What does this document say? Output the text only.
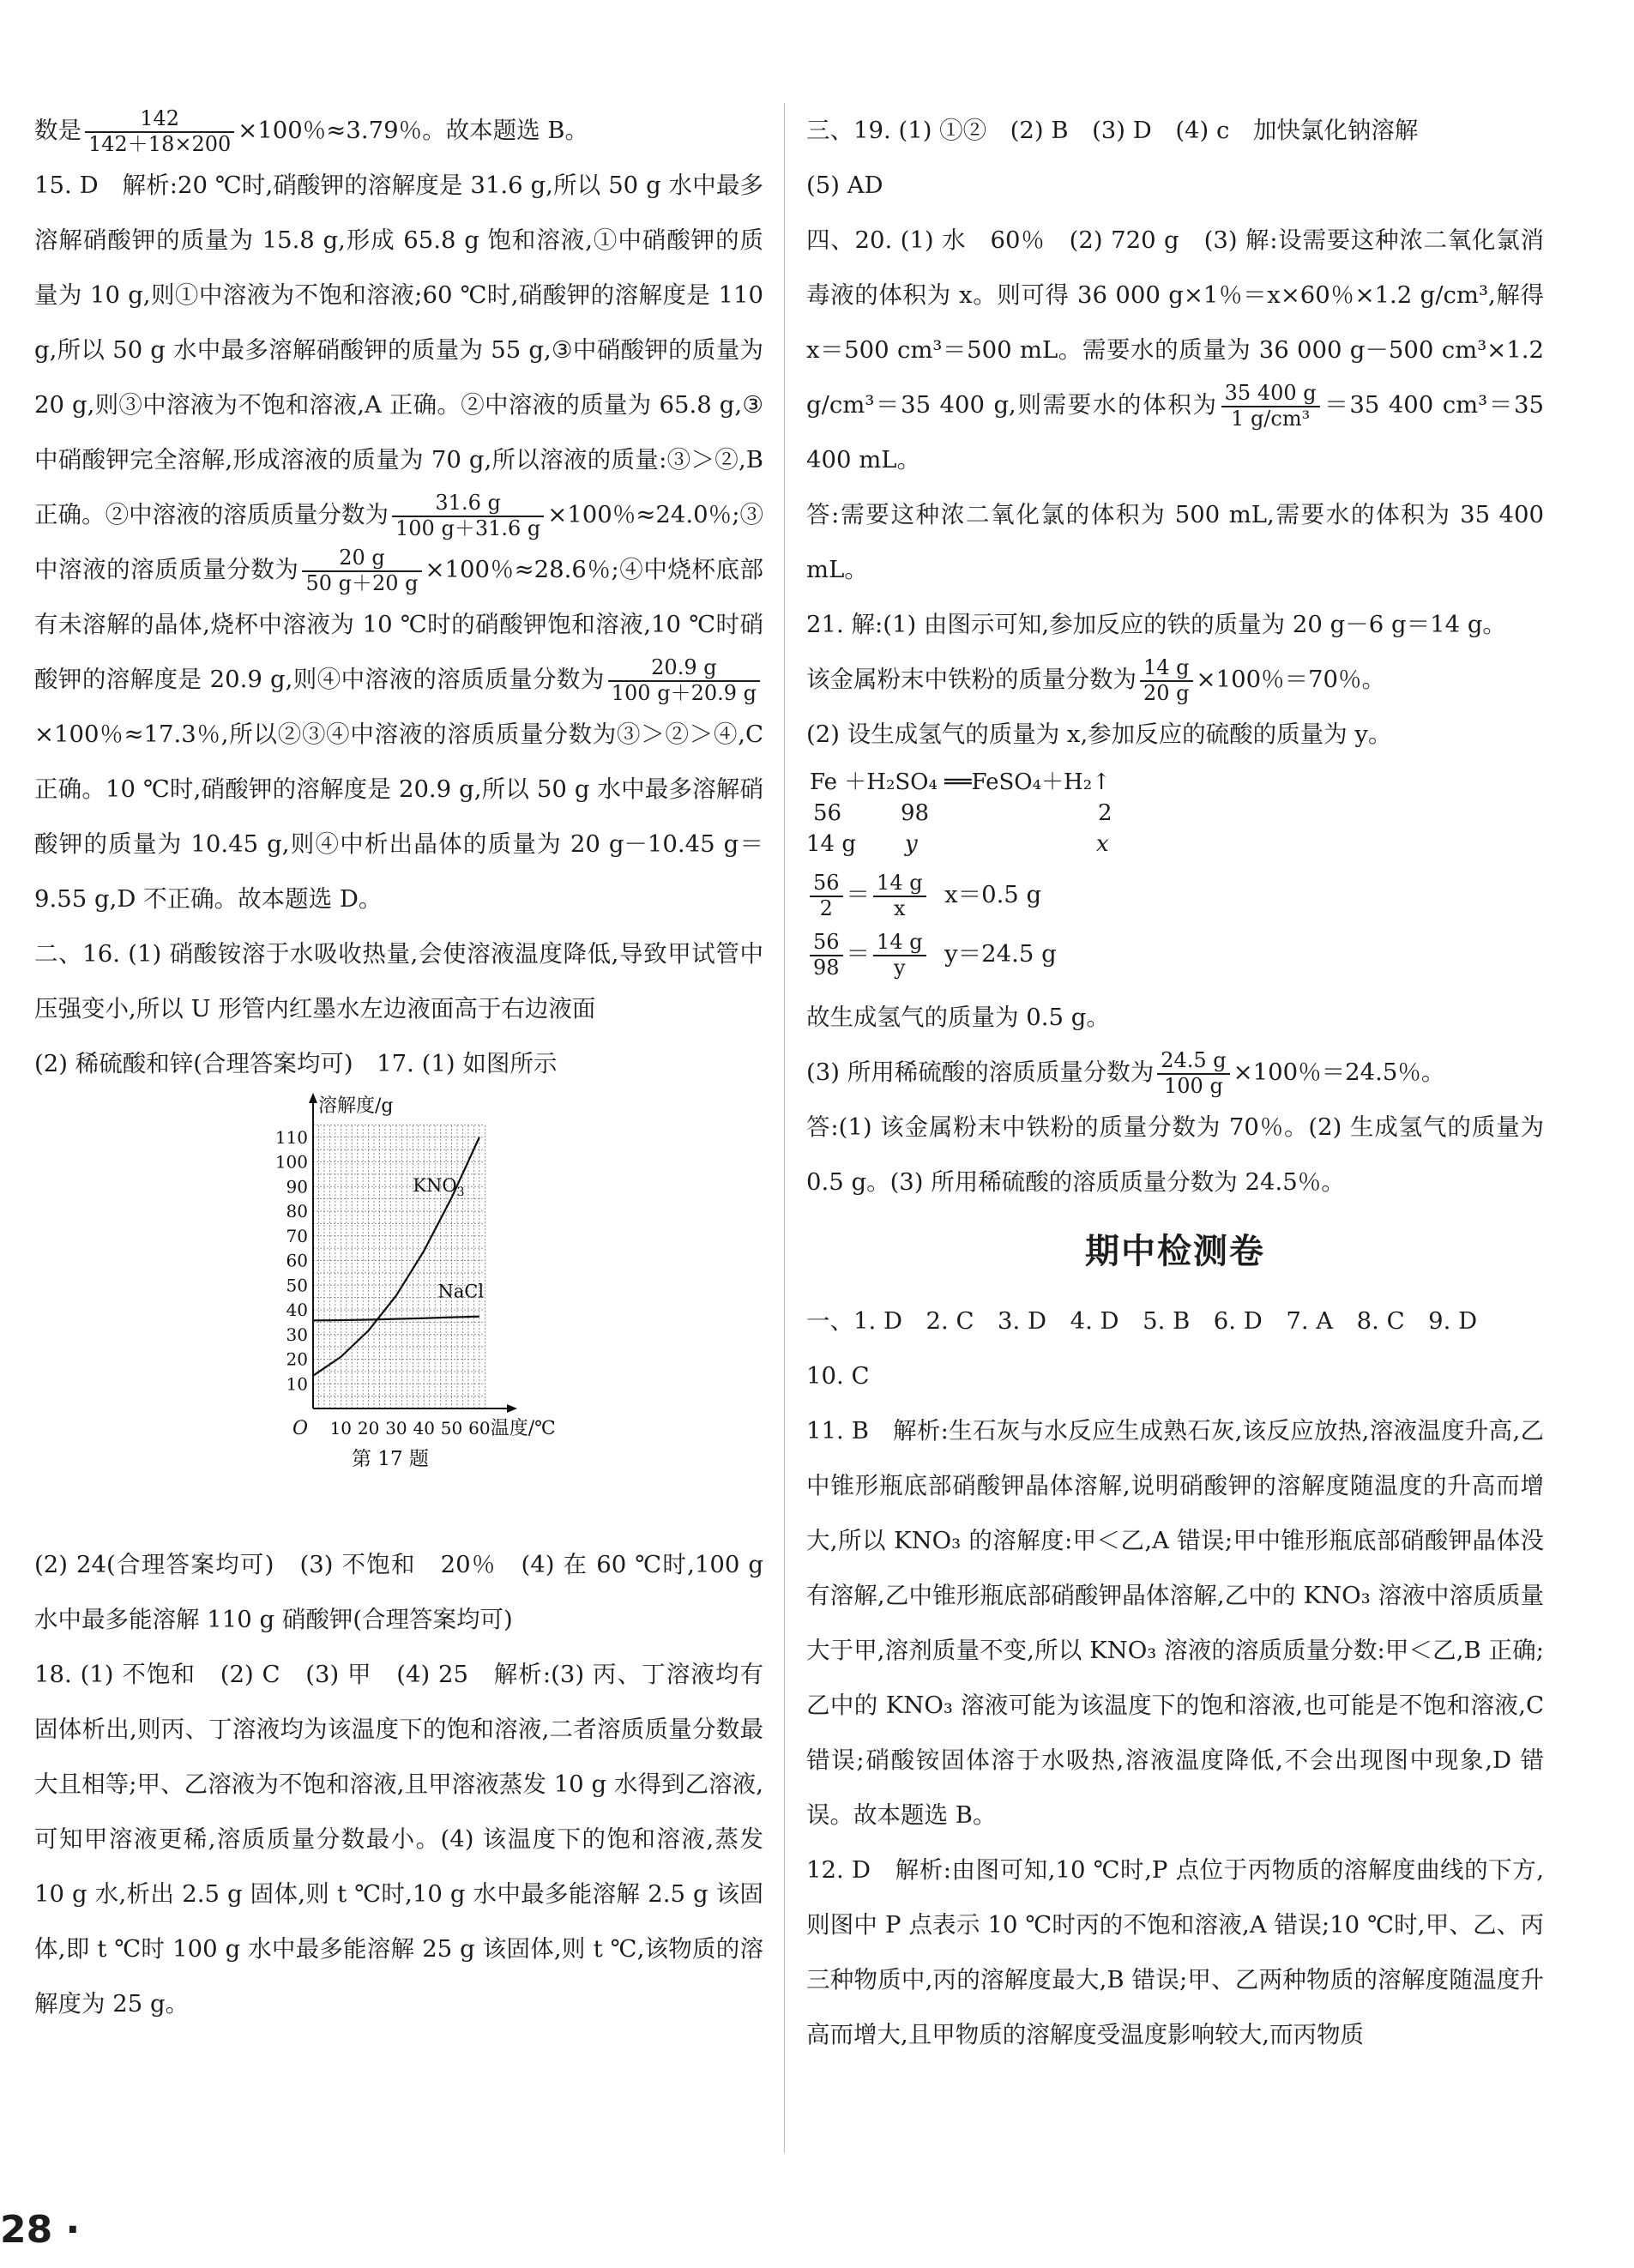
数是 $\frac{142}{142+18\times 200} \times 100$％≈3.79％。故本题选 B。

15. D　解析:20 ℃时,硝酸钾的溶解度是 31.6 g,所以 50 g 水中最多溶解硝酸钾的质量为 15.8 g,形成 65.8 g 饱和溶液,①中硝酸钾的质量为 10 g,则①中溶液为不饱和溶液;60 ℃时,硝酸钾的溶解度是 110 g,所以 50 g 水中最多溶解硝酸钾的质量为 55 g,③中硝酸钾的质量为 20 g,则③中溶液为不饱和溶液,A 正确。②中溶液的质量为 65.8 g,③中硝酸钾完全溶解,形成溶液的质量为 70 g,所以溶液的质量:③＞②,B 正确。②中溶液的溶质质量分数为 $\frac{31.6 g}{100 g+31.6 g} \times 100$％≈24.0％;③中溶液的溶质质量分数为 $\frac{20 g}{50 g+20 g} \times 100$％≈28.6％;④中烧杯底部有未溶解的晶体,烧杯中溶液为 10 ℃时的硝酸钾饱和溶液,10 ℃时硝酸钾的溶解度是 20.9 g,则④中溶液的溶质质量分数为 $\frac{20.9 g}{100 g+20.9 g}$
×100％≈17.3％,所以②③④中溶液的溶质质量分数为③＞②＞④,C 正确。10 ℃时,硝酸钾的溶解度是 20.9 g,所以 50 g 水中最多溶解硝酸钾的质量为 10.45 g,则④中析出晶体的质量为 20 g－10.45 g＝9.55 g,D 不正确。故本题选 D。

二、16. (1) 硝酸铵溶于水吸收热量,会使溶液温度降低,导致甲试管中压强变小,所以 U 形管内红墨水左边液面高于右边液面

(2) 稀硫酸和锌(合理答案均可)　17. (1) 如图所示

溶解度/g
O 10 20 30 40 50 60 温度/℃
10
20
30
40
50
60
70
80
90
100
110
$KNO_3$
NaCl
第 17 题

(2) 24(合理答案均可)　(3) 不饱和　20％　(4) 在 60 ℃时,100 g 水中最多能溶解 110 g 硝酸钾(合理答案均可)

18. (1) 不饱和　(2) C　(3) 甲　(4) 25　解析:(3) 丙、丁溶液均有固体析出,则丙、丁溶液均为该温度下的饱和溶液,二者溶质质量分数最大且相等;甲、乙溶液为不饱和溶液,且甲溶液蒸发 10 g 水得到乙溶液,可知甲溶液更稀,溶质质量分数最小。(4) 该温度下的饱和溶液,蒸发 10 g 水,析出 2.5 g 固体,则 t ℃时,10 g 水中最多能溶解 2.5 g 该固体,即 t ℃时 100 g 水中最多能溶解 25 g 该固体,则 t ℃,该物质的溶解度为 25 g。

三、19. (1) ①②　(2) B　(3) D　(4) c　加快氯化钠溶解

(5) AD

四、20. (1) 水　60％　(2) 720 g　(3) 解:设需要这种浓二氧化氯消毒液的体积为 x。则可得 36 000 g×1％＝x×60％×1.2 g/cm³,解得 x＝500 cm³＝500 mL。需要水的质量为 36 000 g－500 cm³×1.2 g/cm³＝35 400 g,则需要水的体积为 $\frac{35 400 g}{\text{1 g/cm³}} =35$ 400 cm³＝35 400 mL。

答:需要这种浓二氧化氯的体积为 500 mL,需要水的体积为 35 400 mL。

21. 解:(1) 由图示可知,参加反应的铁的质量为 20 g－6 g＝14 g。

该金属粉末中铁粉的质量分数为 $\frac{14 g}{20 g} \times 100$％＝70％。

(2) 设生成氢气的质量为 x,参加反应的硫酸的质量为 y。

Fe ＋H₂SO₄ ══FeSO₄＋H₂↑
56	98	2
14 g y	x

$\frac{56}{2} = \frac{14 g}{x} x=0.5$ g

$\frac{56}{98} = \frac{14 g}{y} y=24.5$ g

故生成氢气的质量为 0.5 g。

(3) 所用稀硫酸的溶质质量分数为 $\frac{24.5 g}{100 g} \times 100$％＝24.5％。

答:(1) 该金属粉末中铁粉的质量分数为 70％。(2) 生成氢气的质量为 0.5 g。(3) 所用稀硫酸的溶质质量分数为 24.5％。

期中检测卷

一、1. D　2. C　3. D　4. D　5. B　6. D　7. A　8. C　9. D

10. C

11. B　解析:生石灰与水反应生成熟石灰,该反应放热,溶液温度升高,乙中锥形瓶底部硝酸钾晶体溶解,说明硝酸钾的溶解度随温度的升高而增大,所以 KNO₃ 的溶解度:甲＜乙,A 错误;甲中锥形瓶底部硝酸钾晶体没有溶解,乙中锥形瓶底部硝酸钾晶体溶解,乙中的 KNO₃ 溶液中溶质质量大于甲,溶剂质量不变,所以 KNO₃ 溶液的溶质质量分数:甲＜乙,B 正确;乙中的 KNO₃ 溶液可能为该温度下的饱和溶液,也可能是不饱和溶液,C 错误;硝酸铵固体溶于水吸热,溶液温度降低,不会出现图中现象,D 错误。故本题选 B。

12. D　解析:由图可知,10 ℃时,P 点位于丙物质的溶解度曲线的下方,则图中 P 点表示 10 ℃时丙的不饱和溶液,A 错误;10 ℃时,甲、乙、丙三种物质中,丙的溶解度最大,B 错误;甲、乙两种物质的溶解度随温度升高而增大,且甲物质的溶解度受温度影响较大,而丙物质

28 ·
